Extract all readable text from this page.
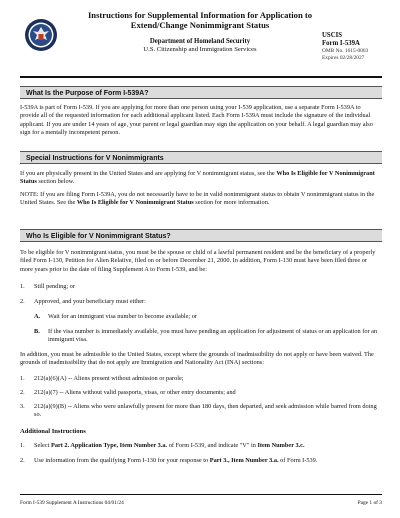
Instructions for Supplemental Information for Application to
Extend/Change Nonimmigrant Status
Department of Homeland Security
U.S. Citizenship and Immigration Services
USCIS
Form I-539A
OMB No. 1615-0003
Expires 02/28/2027
What Is the Purpose of Form I-539A?
I-539A is part of Form I-539. If you are applying for more than one person using your I-539 application, use a separate Form I-539A to provide all of the requested information for each additional applicant listed. Each Form I-539A must include the signature of the individual applicant. If you are under 14 years of age, your parent or legal guardian may sign the application on your behalf. A legal guardian may also sign for a mentally incompetent person.
Special Instructions for V Nonimmigrants
If you are physically present in the United States and are applying for V nonimmigrant status, see the Who Is Eligible for V Nonimmigrant Status section below.
NOTE: If you are filing Form I-539A, you do not necessarily have to be in valid nonimmigrant status to obtain V nonimmigrant status in the United States. See the Who Is Eligible for V Nonimmigrant Status section for more information.
Who Is Eligible for V Nonimmigrant Status?
To be eligible for V nonimmigrant status, you must be the spouse or child of a lawful permanent resident and be the beneficiary of a properly filed Form I-130, Petition for Alien Relative, filed on or before December 21, 2000. In addition, Form I-130 must have been filed three or more years prior to the date of filing Supplement A to Form I-539, and be:
1. Still pending; or
2. Approved, and your beneficiary must either:
A. Wait for an immigrant visa number to become available; or
B. If the visa number is immediately available, you must have pending an application for adjustment of status or an application for an immigrant visa.
In addition, you must be admissible to the United States, except where the grounds of inadmissibility do not apply or have been waived. The grounds of inadmissibility that do not apply are Immigration and Nationality Act (INA) sections:
1. 212(a)(6)(A) -- Aliens present without admission or parole;
2. 212(a)(7) -- Aliens without valid passports, visas, or other entry documents; and
3. 212(a)(9)(B) -- Aliens who were unlawfully present for more than 180 days, then departed, and seek admission while barred from doing so.
Additional Instructions
1. Select Part 2. Application Type, Item Number 3.a. of Form I-539, and indicate "V" in Item Number 3.c.
2. Use information from the qualifying Form I-130 for your response to Part 3., Item Number 3.a. of Form I-539.
Form I-539 Supplement A Instructions 04/01/24	Page 1 of 3
